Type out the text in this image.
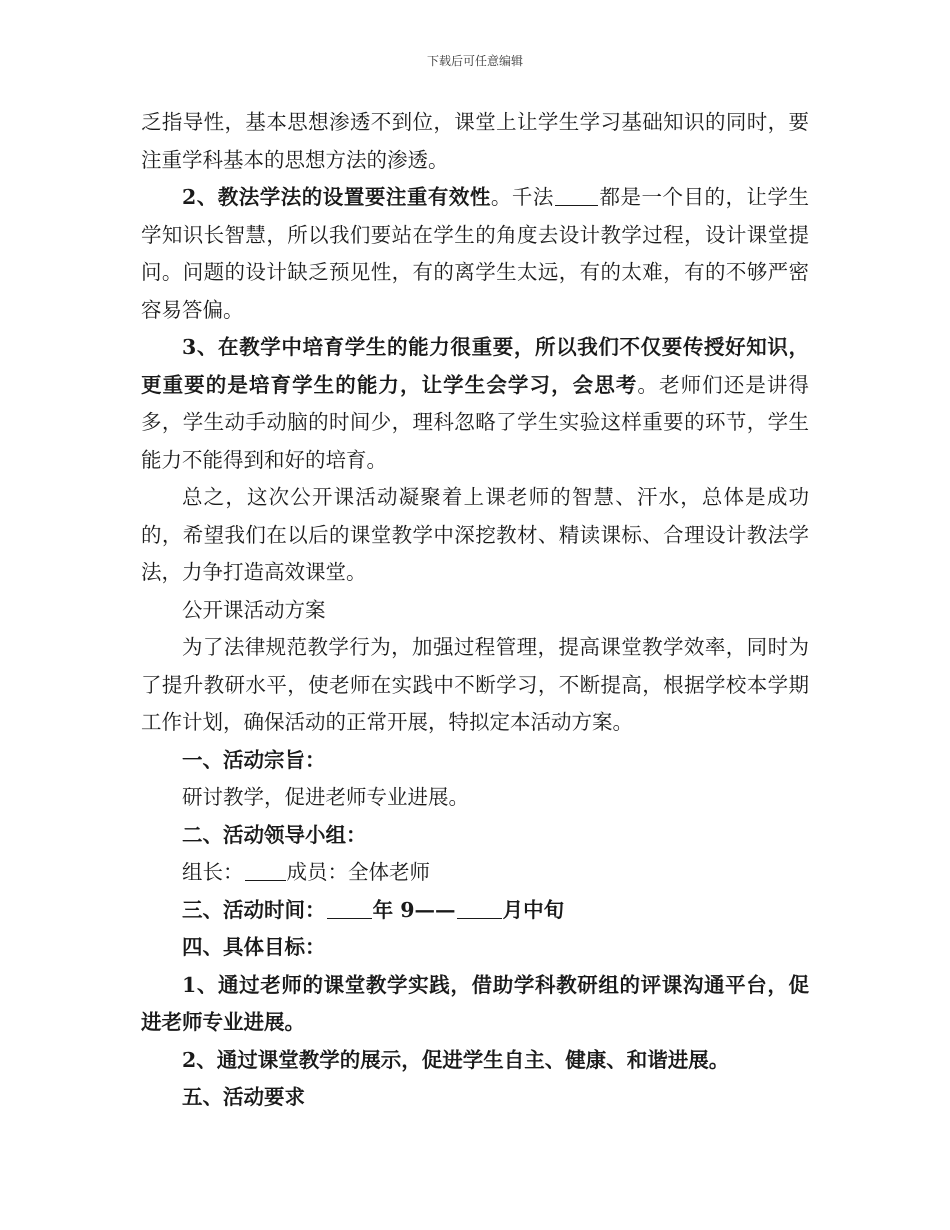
下载后可任意编辑

乏指导性，基本思想渗透不到位，课堂上让学生学习基础知识的同时，要注重学科基本的思想方法的渗透。

2、教法学法的设置要注重有效性。千法 都是一个目的，让学生学知识长智慧，所以我们要站在学生的角度去设计教学过程，设计课堂提问。问题的设计缺乏预见性，有的离学生太远，有的太难，有的不够严密容易答偏。

3、在教学中培育学生的能力很重要，所以我们不仅要传授好知识，更重要的是培育学生的能力，让学生会学习，会思考。老师们还是讲得多，学生动手动脑的时间少，理科忽略了学生实验这样重要的环节，学生能力不能得到和好的培育。

总之，这次公开课活动凝聚着上课老师的智慧、汗水，总体是成功的，希望我们在以后的课堂教学中深挖教材、精读课标、合理设计教法学法，力争打造高效课堂。

公开课活动方案

为了法律规范教学行为，加强过程管理，提高课堂教学效率，同时为了提升教研水平，使老师在实践中不断学习，不断提高，根据学校本学期工作计划，确保活动的正常开展，特拟定本活动方案。

一、活动宗旨：

研讨教学，促进老师专业进展。

二、活动领导小组：

组长： 成员：全体老师

三、活动时间： 年 9—— 月中旬

四、具体目标：

1、通过老师的课堂教学实践，借助学科教研组的评课沟通平台，促进老师专业进展。

2、通过课堂教学的展示，促进学生自主、健康、和谐进展。

五、活动要求
